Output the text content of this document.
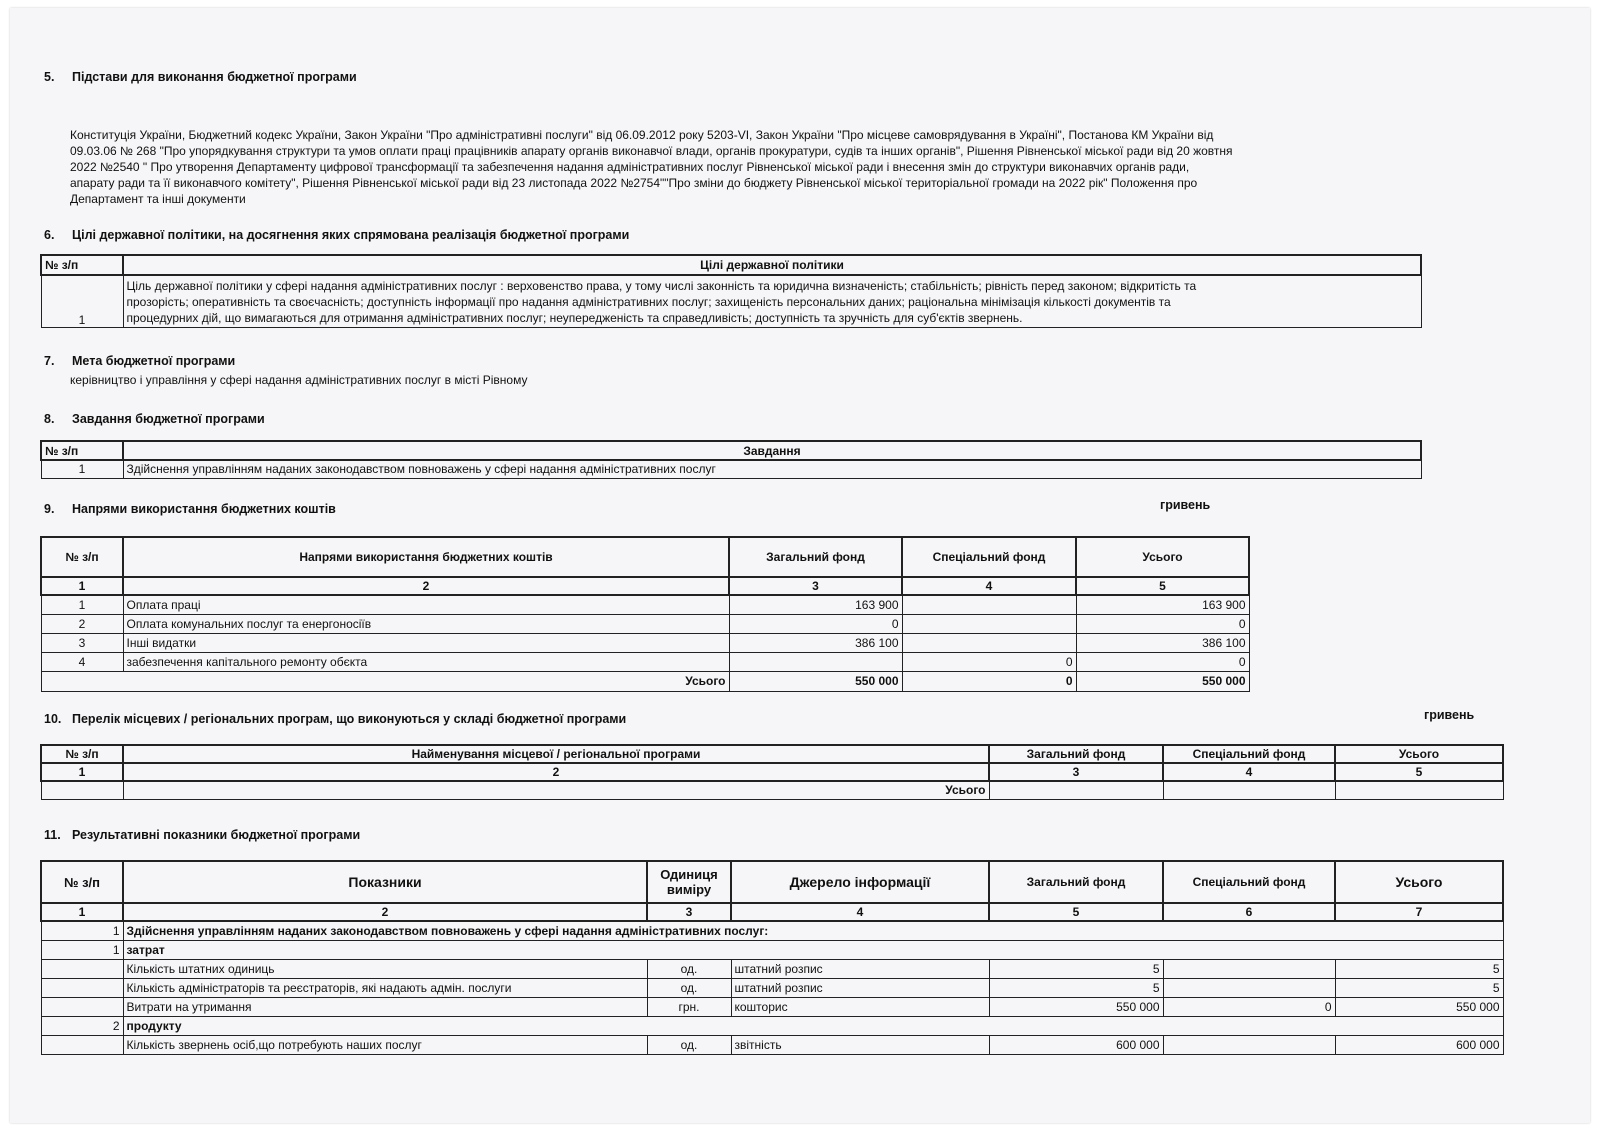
5. Підстави для виконання бюджетної програми
Конституція України, Бюджетний кодекс України, Закон України "Про адміністративні послуги" від 06.09.2012 року 5203-VI, Закон України "Про місцеве самоврядування в Україні", Постанова КМ України від
09.03.06 № 268 "Про упорядкування структури та умов оплати праці працівників апарату органів виконавчої влади, органів прокуратури, судів та інших органів", Рішення Рівненської міської ради від 20 жовтня
2022 №2540 " Про утворення Департаменту цифрової трансформації та забезпечення надання адміністративних послуг Рівненської міської ради і внесення змін до структури виконавчих органів ради,
апарату ради та її виконавчого комітету", Рішення Рівненської міської ради від 23 листопада 2022 №2754""Про зміни до бюджету Рівненської міської територіальної громади на 2022 рік" Положення про
Департамент та інші документи
6. Цілі державної політики, на досягнення яких спрямована реалізація бюджетної програми
№ з/п	Цілі державної політики
1	Ціль державної політики у сфері надання адміністративних послуг : верховенство права, у тому числі законність та юридична визначеність; стабільність; рівність перед законом; відкритість та
прозорість; оперативність та своєчасність; доступність інформації про надання адміністративних послуг; захищеність персональних даних; раціональна мінімізація кількості документів та
процедурних дій, що вимагаються для отримання адміністративних послуг; неупередженість та справедливість; доступність та зручність для суб'єктів звернень.
7. Мета бюджетної програми
керівництво і управління у сфері надання адміністративних послуг в місті Рівному
8. Завдання бюджетної програми
№ з/п	Завдання
1	Здійснення управлінням наданих законодавством повноважень у сфері надання адміністративних послуг
9. Напрями використання бюджетних коштів	гривень
№ з/п	Напрями використання бюджетних коштів	Загальний фонд	Спеціальний фонд	Усього
1	2	3	4	5
1	Оплата праці	163 900		163 900
2	Оплата комунальних послуг та енергоносіїв	0		0
3	Інші видатки	386 100		386 100
4	забезпечення капітального ремонту обєкта		0	0
Усього		550 000	0	550 000
10. Перелік місцевих / регіональних програм, що виконуються у складі бюджетної програми	гривень
№ з/п	Найменування місцевої / регіональної програми	Загальний фонд	Спеціальний фонд	Усього
1	2	3	4	5
	Усього			
11. Результативні показники бюджетної програми
№ з/п	Показники	Одиниця виміру	Джерело інформації	Загальний фонд	Спеціальний фонд	Усього
1	2	3	4	5	6	7
1	Здійснення управлінням наданих законодавством повноважень у сфері надання адміністративних послуг:					
1	затрат					
	Кількість штатних одиниць	од.	штатний розпис	5		5
	Кількість адміністраторів та реєстраторів, які надають адмін. послуги	од.	штатний розпис	5		5
	Витрати на утримання	грн.	кошторис	550 000	0	550 000
2	продукту					
	Кількість звернень осіб,що потребують наших послуг	од.	звітність	600 000		600 000
